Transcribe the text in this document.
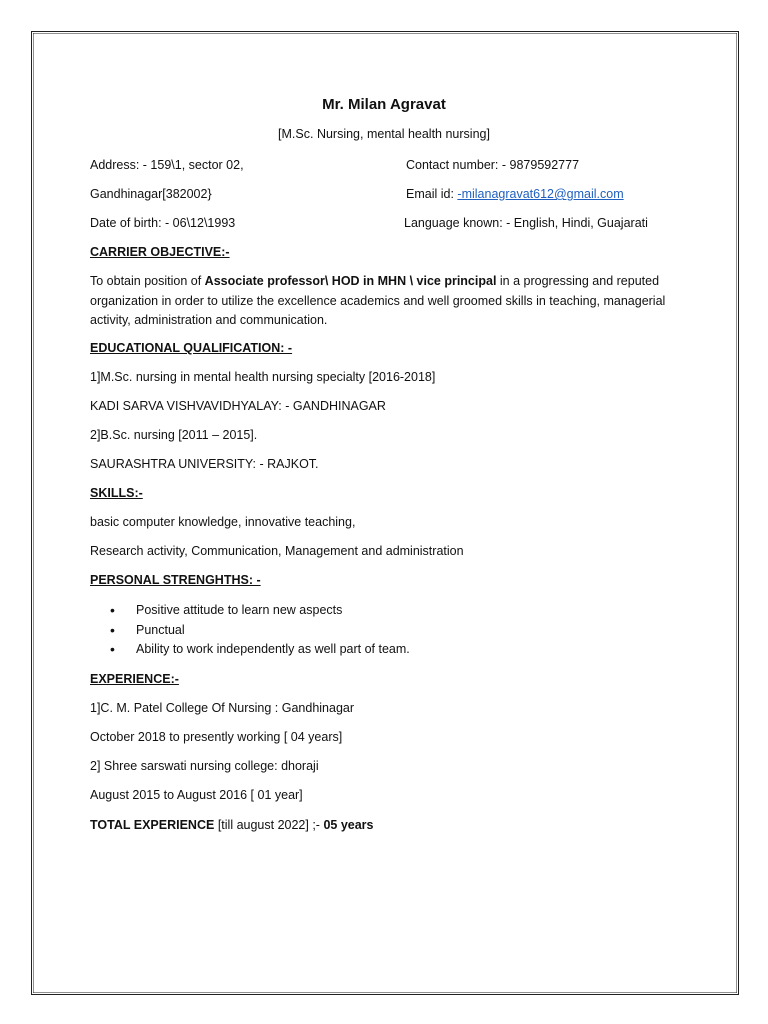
Mr. Milan Agravat
[M.Sc. Nursing, mental health nursing]
Address: - 159\1, sector 02,
Gandhinagar[382002}
Date of birth: - 06\12\1993
Contact number: - 9879592777
Email id: -milanagravat612@gmail.com
Language known: - English, Hindi, Guajarati
CARRIER OBJECTIVE:-
To obtain position of Associate professor\ HOD in MHN \ vice principal in a progressing and reputed organization in order to utilize the excellence academics and well groomed skills in teaching, managerial activity, administration and communication.
EDUCATIONAL QUALIFICATION: -
1]M.Sc. nursing in mental health nursing specialty [2016-2018]
KADI SARVA VISHVAVIDHYALAY: - GANDHINAGAR
2]B.Sc. nursing [2011 – 2015].
SAURASHTRA UNIVERSITY: - RAJKOT.
SKILLS:-
basic computer knowledge, innovative teaching,
Research activity, Communication, Management and administration
PERSONAL STRENGHTHS: -
• Positive attitude to learn new aspects
• Punctual
• Ability to work independently as well part of team.
EXPERIENCE:-
1]C. M. Patel College Of Nursing : Gandhinagar
October 2018 to presently working [ 04 years]
2] Shree sarswati nursing college: dhoraji
August 2015 to August 2016 [ 01 year]
TOTAL EXPERIENCE [till august 2022] ;- 05 years
